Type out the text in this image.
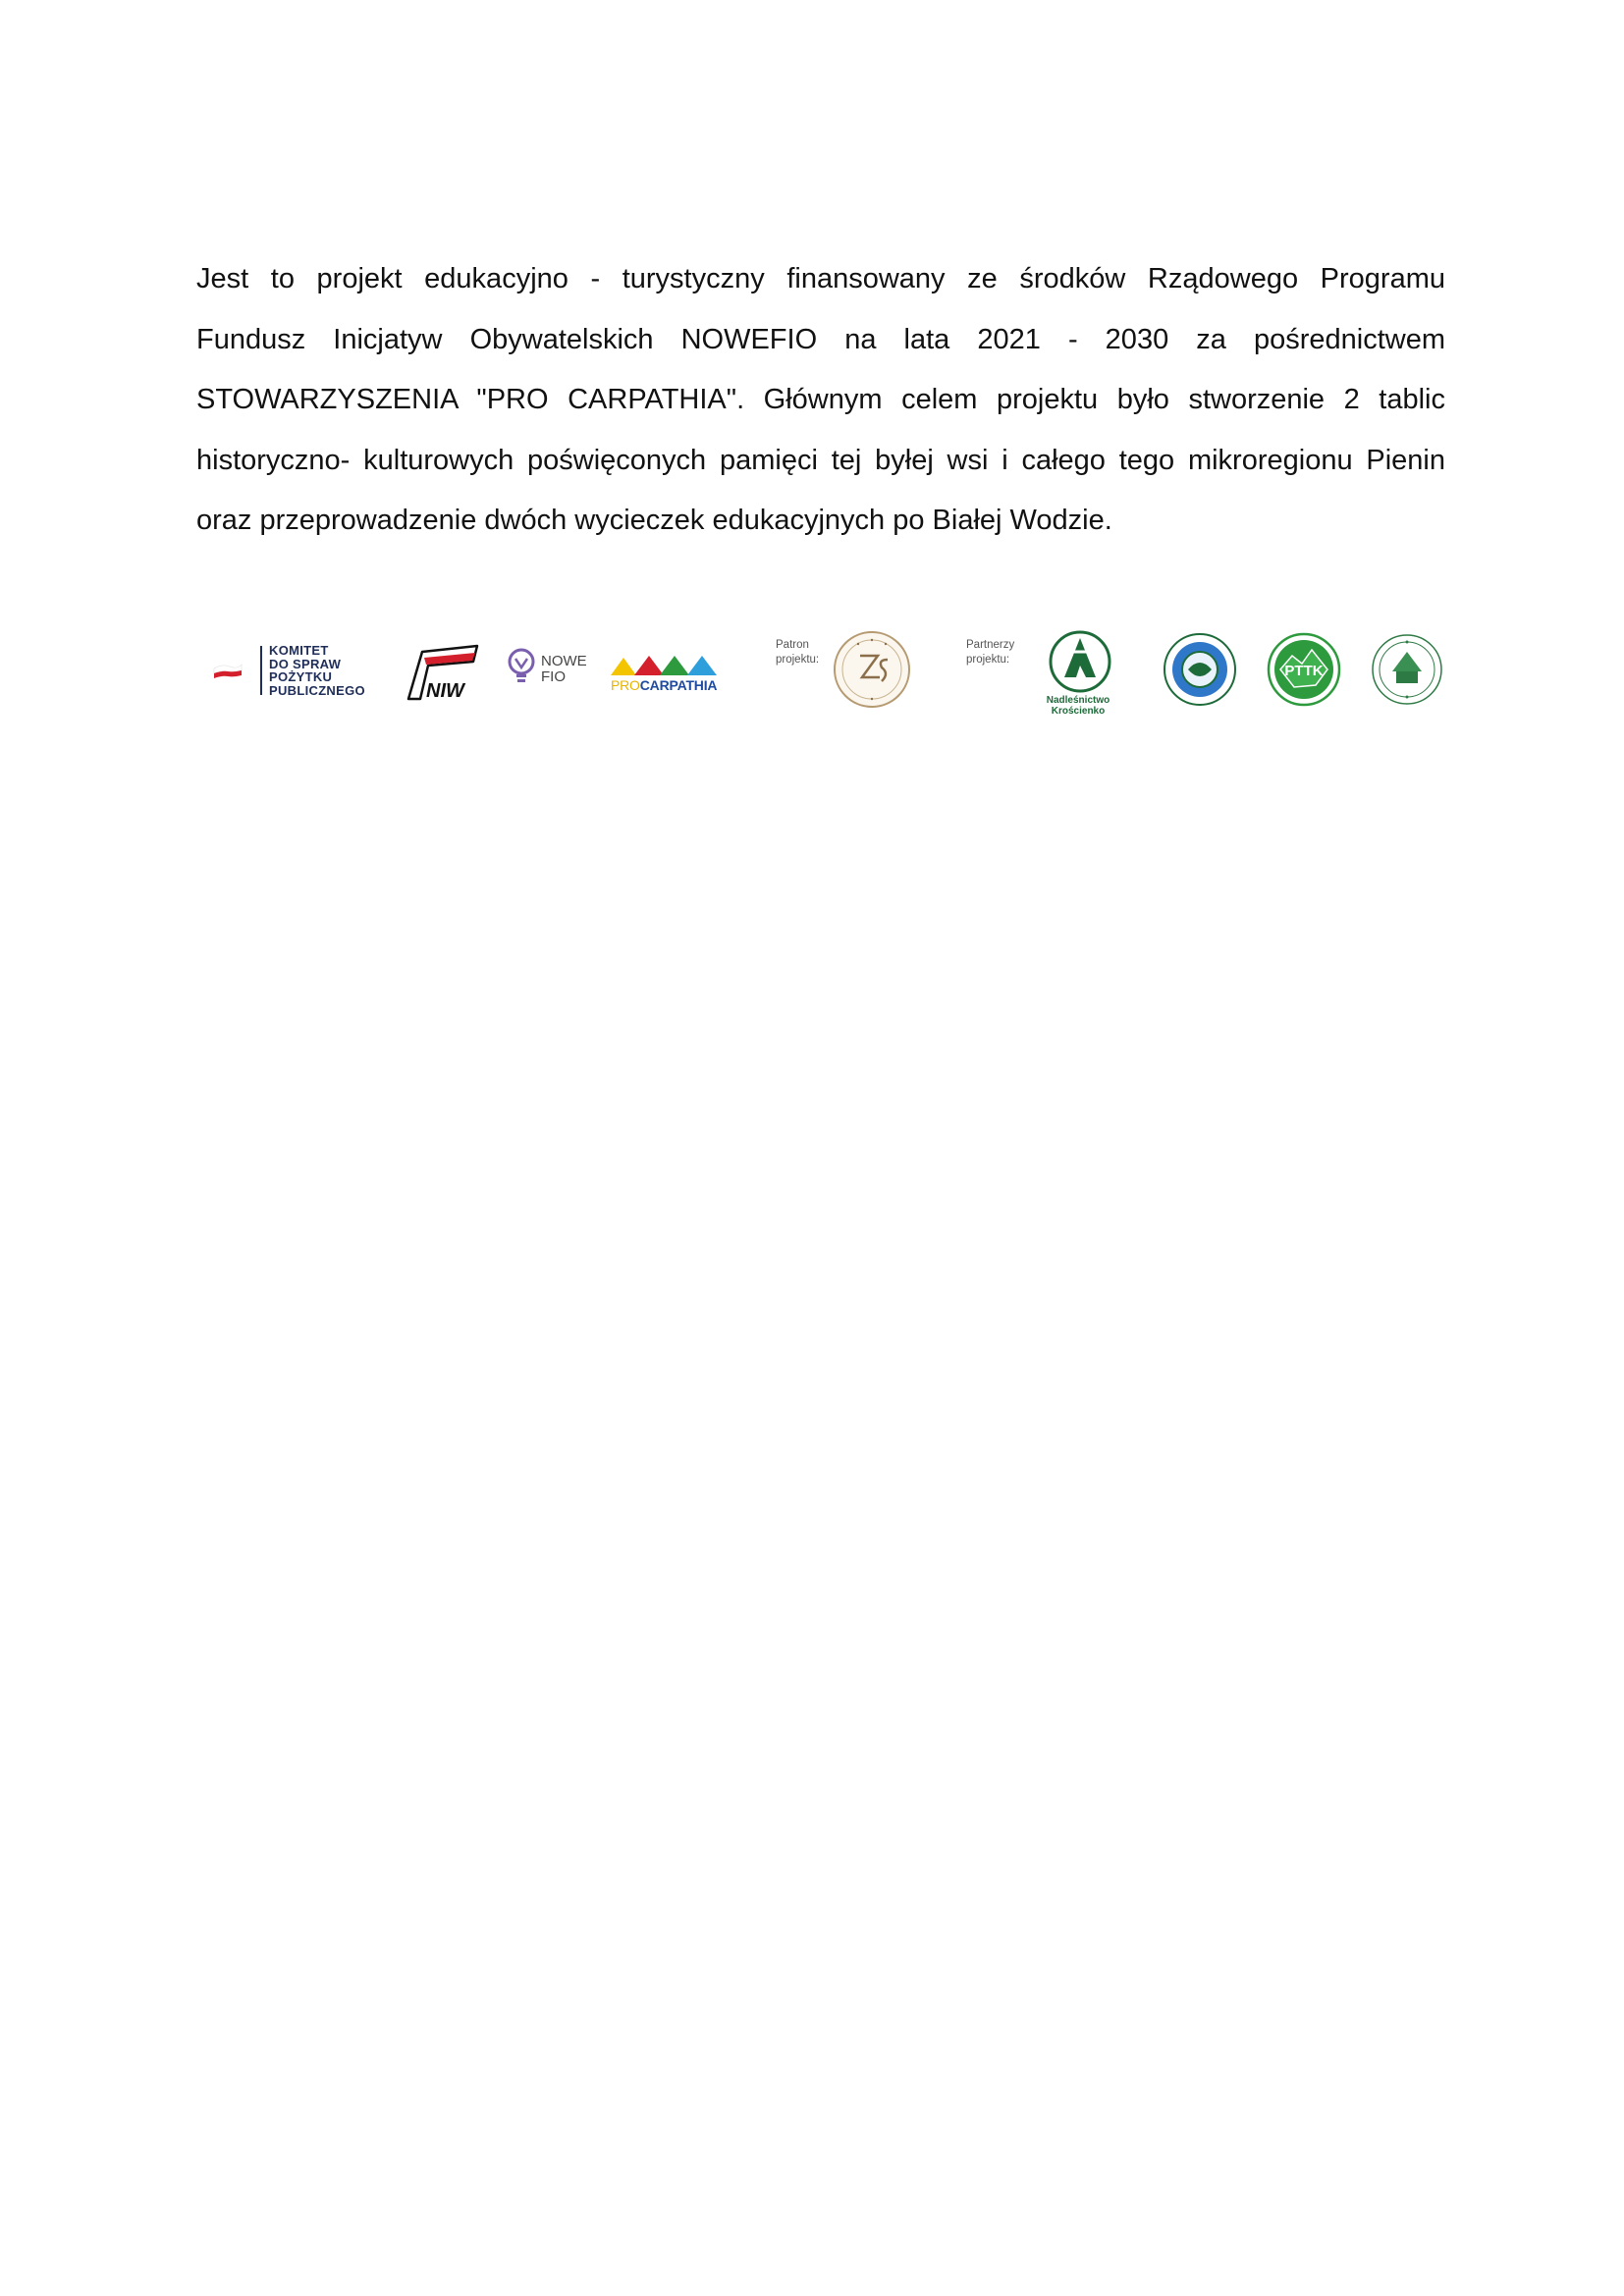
Jest to projekt edukacyjno - turystyczny finansowany ze środków Rządowego Programu
Fundusz Inicjatyw Obywatelskich NOWEFIO na lata 2021 - 2030 za pośrednictwem
STOWARZYSZENIA "PRO CARPATHIA". Głównym celem projektu było stworzenie 2 tablic
historyczno- kulturowych poświęconych pamięci tej byłej wsi i całego tego mikroregionu Pienin
oraz przeprowadzenie dwóch wycieczek edukacyjnych po Białej Wodzie.

KOMITET
DO SPRAW
POŻYTKU
PUBLICZNEGO	NIW
NOWE
FIO	PROCARPATHIA
Patron
projektu:
Partnerzy
projektu:
Nadleśnictwo Krościenko
PTTK
